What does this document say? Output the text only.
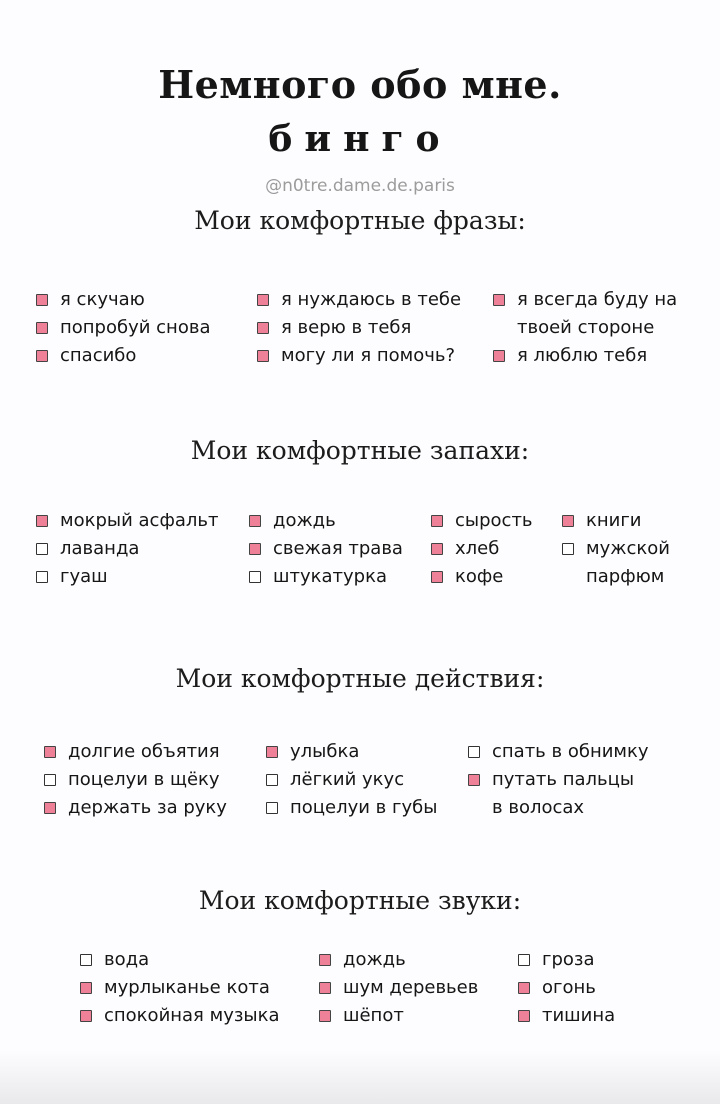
Немного обо мне.
бинго
@n0tre.dame.de.paris
Мои комфортные фразы:
я скучаю
попробуй снова
спасибо
я нуждаюсь в тебе
я верю в тебя
могу ли я помочь?
я всегда буду на
твоей стороне
я люблю тебя
Мои комфортные запахи:
мокрый асфальт
лаванда
гуаш
дождь
свежая трава
штукатурка
сырость
хлеб
кофе
книги
мужской
парфюм
Мои комфортные действия:
долгие объятия
поцелуи в щёку
держать за руку
улыбка
лёгкий укус
поцелуи в губы
спать в обнимку
путать пальцы
в волосах
Мои комфортные звуки:
вода
мурлыканье кота
спокойная музыка
дождь
шум деревьев
шёпот
гроза
огонь
тишина
